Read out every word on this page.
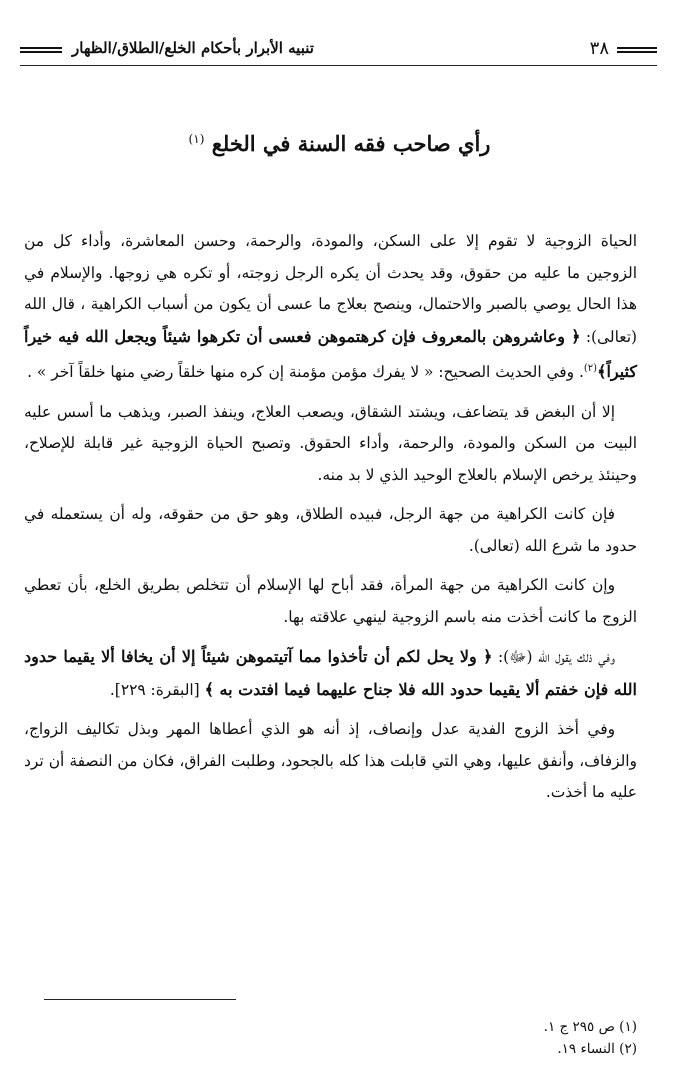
٣٨
تنبيه الأبرار بأحكام الخلع/الطلاق/الظهار
رأي صاحب فقه السنة في الخلع $^{(١)}$

الحياة الزوجية لا تقوم إلا على السكن، والمودة، والرحمة، وحسن المعاشرة، وأداء كل من الزوجين ما عليه من حقوق، وقد يحدث أن يكره الرجل زوجته، أو تكره هي زوجها. والإسلام في هذا الحال يوصي بالصبر والاحتمال، وينصح بعلاج ما عسى أن يكون من أسباب الكراهية ، قال الله (تعالى): ﴿ وعاشروهن بالمعروف فإن كرهتموهن فعسى أن تكرهوا شيئاً ويجعل الله فيه خيراً كثيراً﴾$^{(٢)}$. وفي الحديث الصحيح: « لا يفرك مؤمن مؤمنة إن كره منها خلقاً رضي منها خلقاً آخر » .

إلا أن البغض قد يتضاعف، ويشتد الشقاق، ويصعب العلاج، وينفذ الصبر، ويذهب ما أسس عليه البيت من السكن والمودة، والرحمة، وأداء الحقوق. وتصبح الحياة الزوجية غير قابلة للإصلاح، وحينئذ يرخص الإسلام بالعلاج الوحيد الذي لا بد منه.

فإن كانت الكراهية من جهة الرجل، فبيده الطلاق، وهو حق من حقوقه، وله أن يستعمله في حدود ما شرع الله (تعالى).

وإن كانت الكراهية من جهة المرأة، فقد أباح لها الإسلام أن تتخلص بطريق الخلع، بأن تعطي الزوج ما كانت أخذت منه باسم الزوجية لينهي علاقته بها.

وفي ذلك يقول الله (ﷻ): ﴿ ولا يحل لكم أن تأخذوا مما آتيتموهن شيئاً إلا أن يخافا ألا يقيما حدود الله فإن خفتم ألا يقيما حدود الله فلا جناح عليهما فيما افتدت به ﴾ [البقرة: ٢٢٩].

وفي أخذ الزوج الفدية عدل وإنصاف، إذ أنه هو الذي أعطاها المهر وبذل تكاليف الزواج، والزفاف، وأنفق عليها، وهي التي قابلت هذا كله بالجحود، وطلبت الفراق، فكان من النصفة أن ترد عليه ما أخذت.

(١) ص ٢٩٥ ج ١.
(٢) النساء ١٩.
